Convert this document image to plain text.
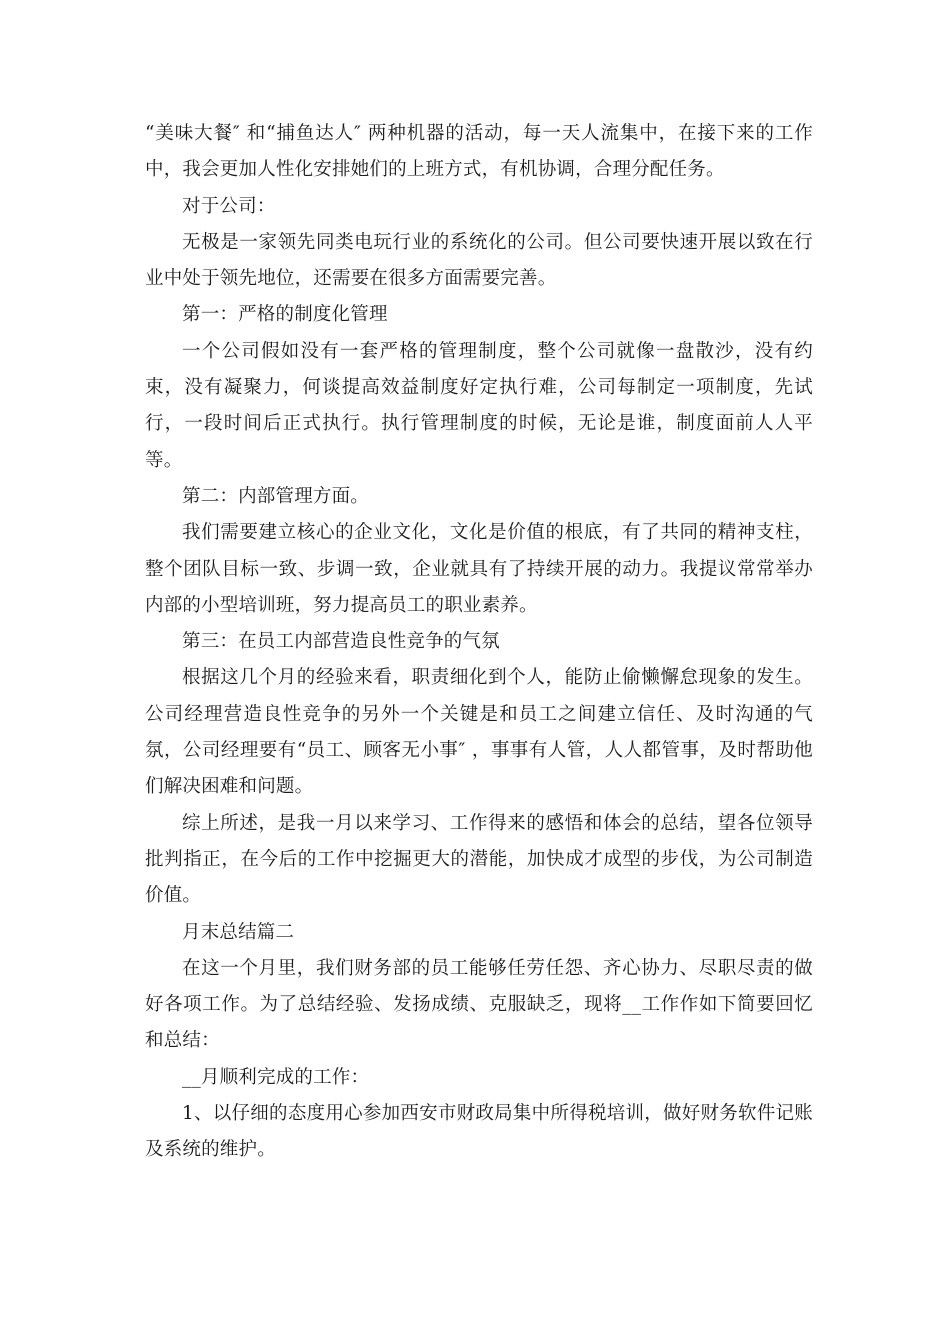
“美味大餐″ 和“捕鱼达人″ 两种机器的活动，每一天人流集中，在接下来的工作中，我会更加人性化安排她们的上班方式，有机协调，合理分配任务。

对于公司：

无极是一家领先同类电玩行业的系统化的公司。但公司要快速开展以致在行业中处于领先地位，还需要在很多方面需要完善。

第一：严格的制度化管理

一个公司假如没有一套严格的管理制度，整个公司就像一盘散沙，没有约束，没有凝聚力，何谈提高效益制度好定执行难，公司每制定一项制度，先试行，一段时间后正式执行。执行管理制度的时候，无论是谁，制度面前人人平等。

第二：内部管理方面。

我们需要建立核心的企业文化，文化是价值的根底，有了共同的精神支柱，整个团队目标一致、步调一致，企业就具有了持续开展的动力。我提议常常举办内部的小型培训班，努力提高员工的职业素养。

第三：在员工内部营造良性竞争的气氛

根据这几个月的经验来看，职责细化到个人，能防止偷懒懈怠现象的发生。公司经理营造良性竞争的另外一个关键是和员工之间建立信任、及时沟通的气氛，公司经理要有“员工、顾客无小事″ ，事事有人管，人人都管事，及时帮助他们解决困难和问题。

综上所述，是我一月以来学习、工作得来的感悟和体会的总结，望各位领导批判指正，在今后的工作中挖掘更大的潜能，加快成才成型的步伐，为公司制造价值。

月末总结篇二

在这一个月里，我们财务部的员工能够任劳任怨、齐心协力、尽职尽责的做好各项工作。为了总结经验、发扬成绩、克服缺乏，现将__工作作如下简要回忆和总结：

__月顺利完成的工作：

1、以仔细的态度用心参加西安市财政局集中所得税培训，做好财务软件记账及系统的维护。
